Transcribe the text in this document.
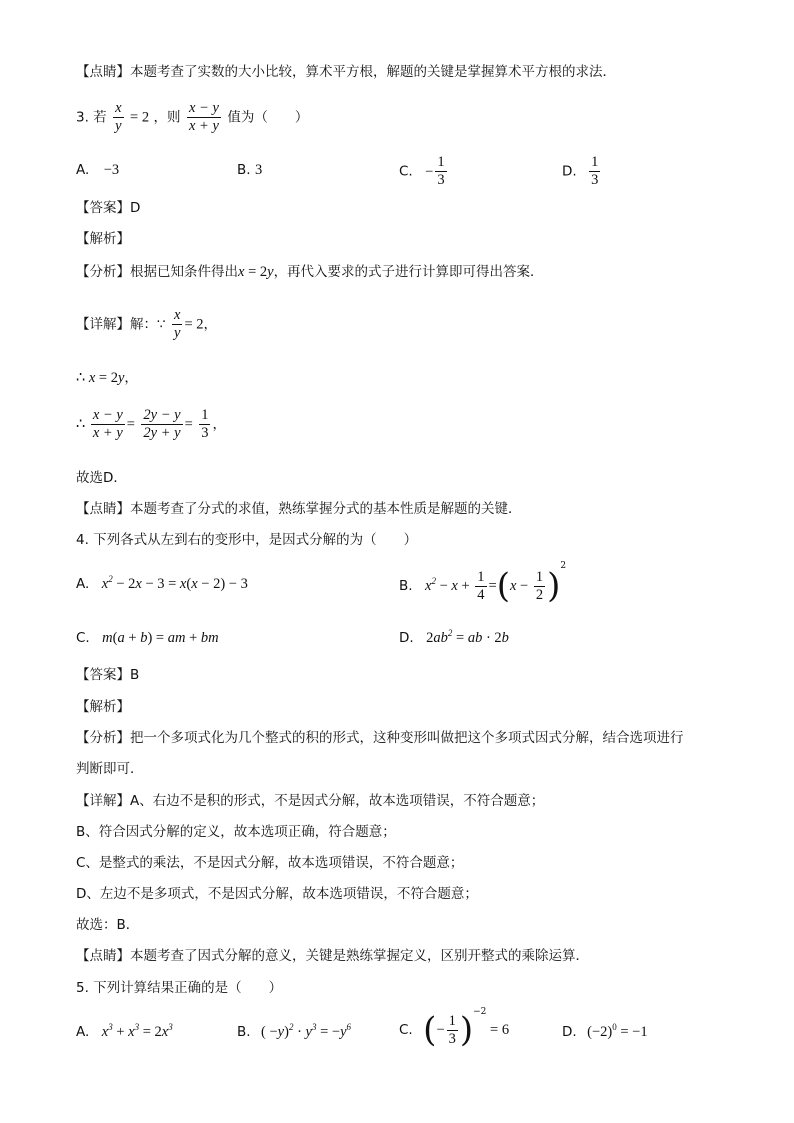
【点睛】本题考查了实数的大小比较，算术平方根，解题的关键是掌握算术平方根的求法．
3. 若 $\frac{x}{y} = 2$ ，则 $\frac{x - y}{x + y}$ 值为（　　）
A. −3	B. 3	C. − $\frac{1}{3}$	D. $\frac{1}{3}$
【答案】D
【解析】
【分析】根据已知条件得出x = 2y，再代入要求的式子进行计算即可得出答案．
【详解】解：∵ $\frac{x}{y} = 2$，
∴ x = 2y，
∴ $\frac{x - y}{x + y} = \frac{2y - y}{2y + y} = \frac{1}{3}$ ，
故选D．
【点睛】本题考查了分式的求值，熟练掌握分式的基本性质是解题的关键．
4. 下列各式从左到右的变形中，是因式分解的为（　　）
A. $x^2 - 2x - 3 = x(x - 2) - 3$	B. $x^2 - x + \frac{1}{4} =(x - \frac{1}{2} )^2$
C. m(a + b) = am + bm	D. $2ab^2$ = ab · 2b
【答案】B
【解析】
【分析】把一个多项式化为几个整式的积的形式，这种变形叫做把这个多项式因式分解，结合选项进行
判断即可．
【详解】A、右边不是积的形式，不是因式分解，故本选项错误，不符合题意；
B、符合因式分解的定义，故本选项正确，符合题意；
C、是整式的乘法，不是因式分解，故本选项错误，不符合题意；
D、左边不是多项式，不是因式分解，故本选项错误，不符合题意；
故选：B．
【点睛】本题考查了因式分解的意义，关键是熟练掌握定义，区别开整式的乘除运算．
5. 下列计算结果正确的是（　　）
A. $x^3 + x^3 = 2x^3$	B. ( $-y)^2 \cdot y^3 = -y^6$	C. (− $\frac{1}{3} )^{-2} = 6$	D. $(-2)^0 = -1$
